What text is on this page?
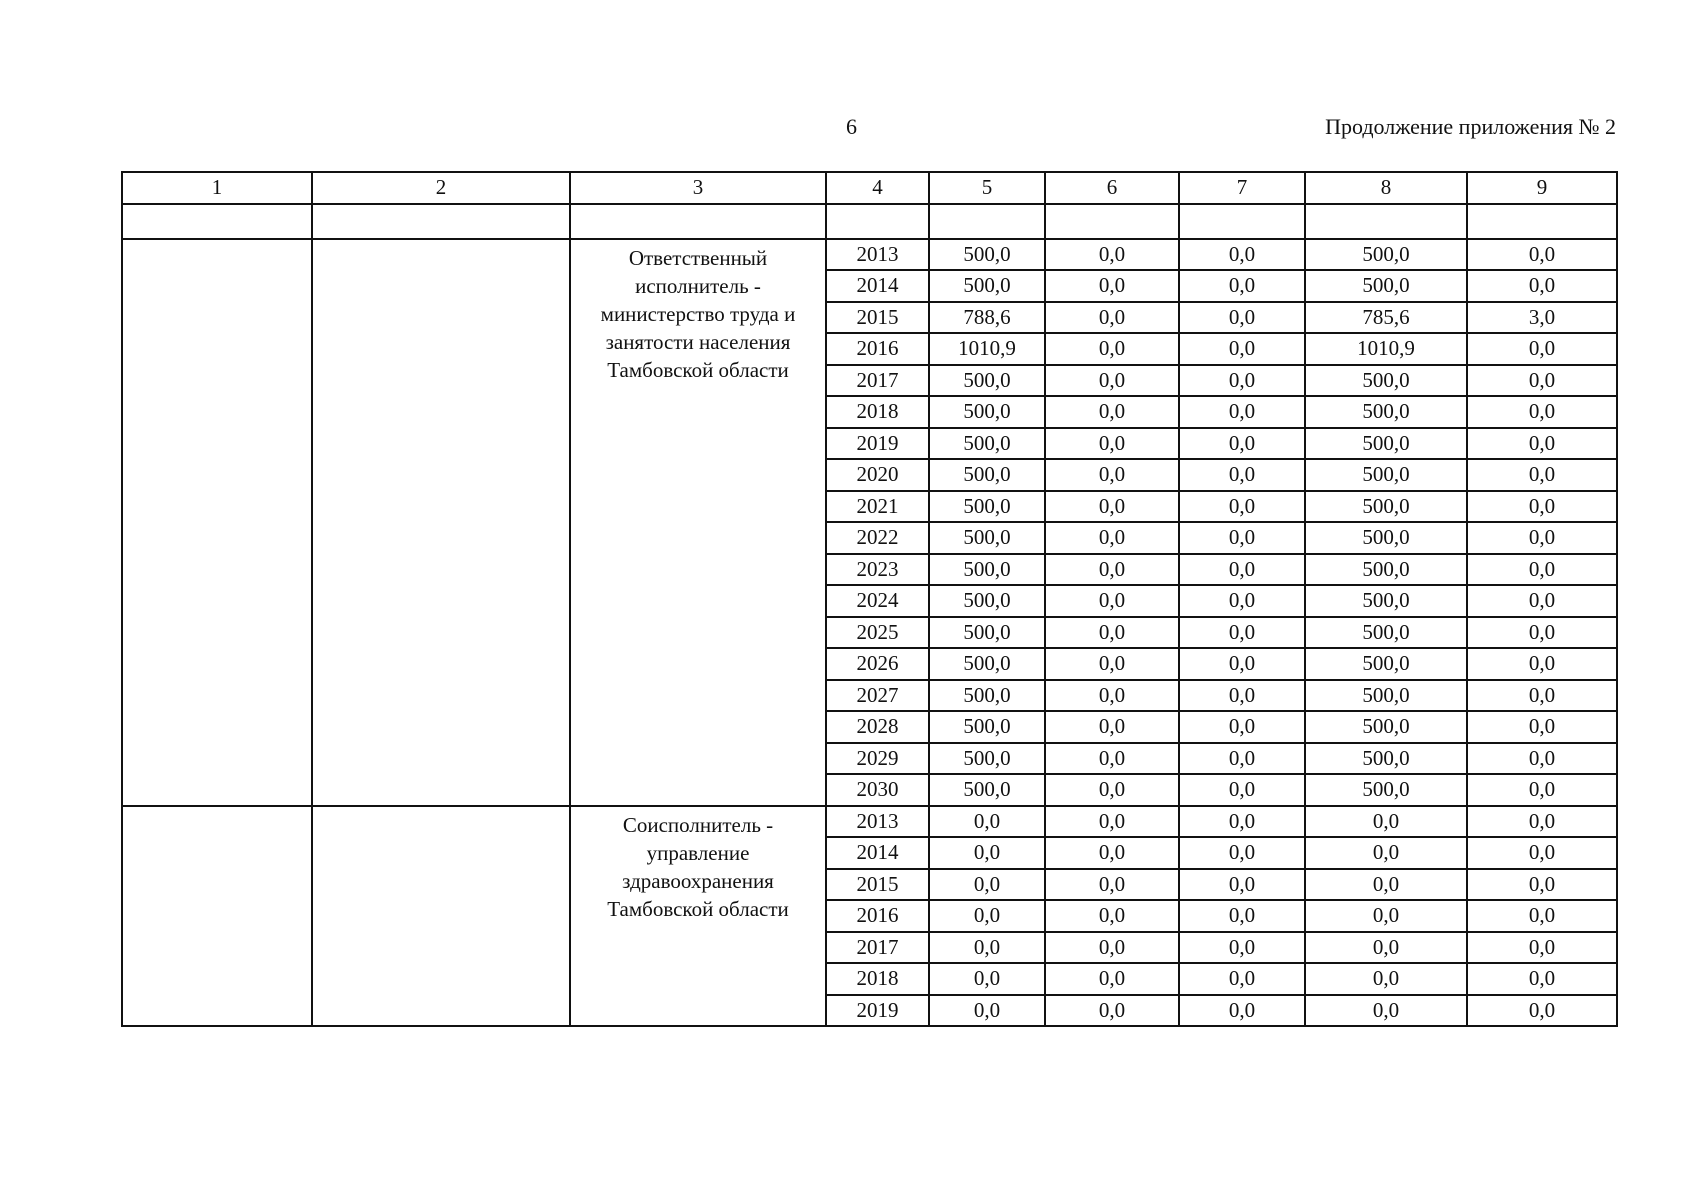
6	Продолжение приложения № 2
1	2	3	4	5	6	7	8	9

		Ответственный
исполнитель -
министерство труда и
занятости населения
Тамбовской области	2013	500,0	0,0	0,0	500,0	0,0
			2014	500,0	0,0	0,0	500,0	0,0
			2015	788,6	0,0	0,0	785,6	3,0
			2016	1010,9	0,0	0,0	1010,9	0,0
			2017	500,0	0,0	0,0	500,0	0,0
			2018	500,0	0,0	0,0	500,0	0,0
			2019	500,0	0,0	0,0	500,0	0,0
			2020	500,0	0,0	0,0	500,0	0,0
			2021	500,0	0,0	0,0	500,0	0,0
			2022	500,0	0,0	0,0	500,0	0,0
			2023	500,0	0,0	0,0	500,0	0,0
			2024	500,0	0,0	0,0	500,0	0,0
			2025	500,0	0,0	0,0	500,0	0,0
			2026	500,0	0,0	0,0	500,0	0,0
			2027	500,0	0,0	0,0	500,0	0,0
			2028	500,0	0,0	0,0	500,0	0,0
			2029	500,0	0,0	0,0	500,0	0,0
			2030	500,0	0,0	0,0	500,0	0,0

		Соисполнитель -
управление
здравоохранения
Тамбовской области	2013	0,0	0,0	0,0	0,0	0,0
			2014	0,0	0,0	0,0	0,0	0,0
			2015	0,0	0,0	0,0	0,0	0,0
			2016	0,0	0,0	0,0	0,0	0,0
			2017	0,0	0,0	0,0	0,0	0,0
			2018	0,0	0,0	0,0	0,0	0,0
			2019	0,0	0,0	0,0	0,0	0,0
